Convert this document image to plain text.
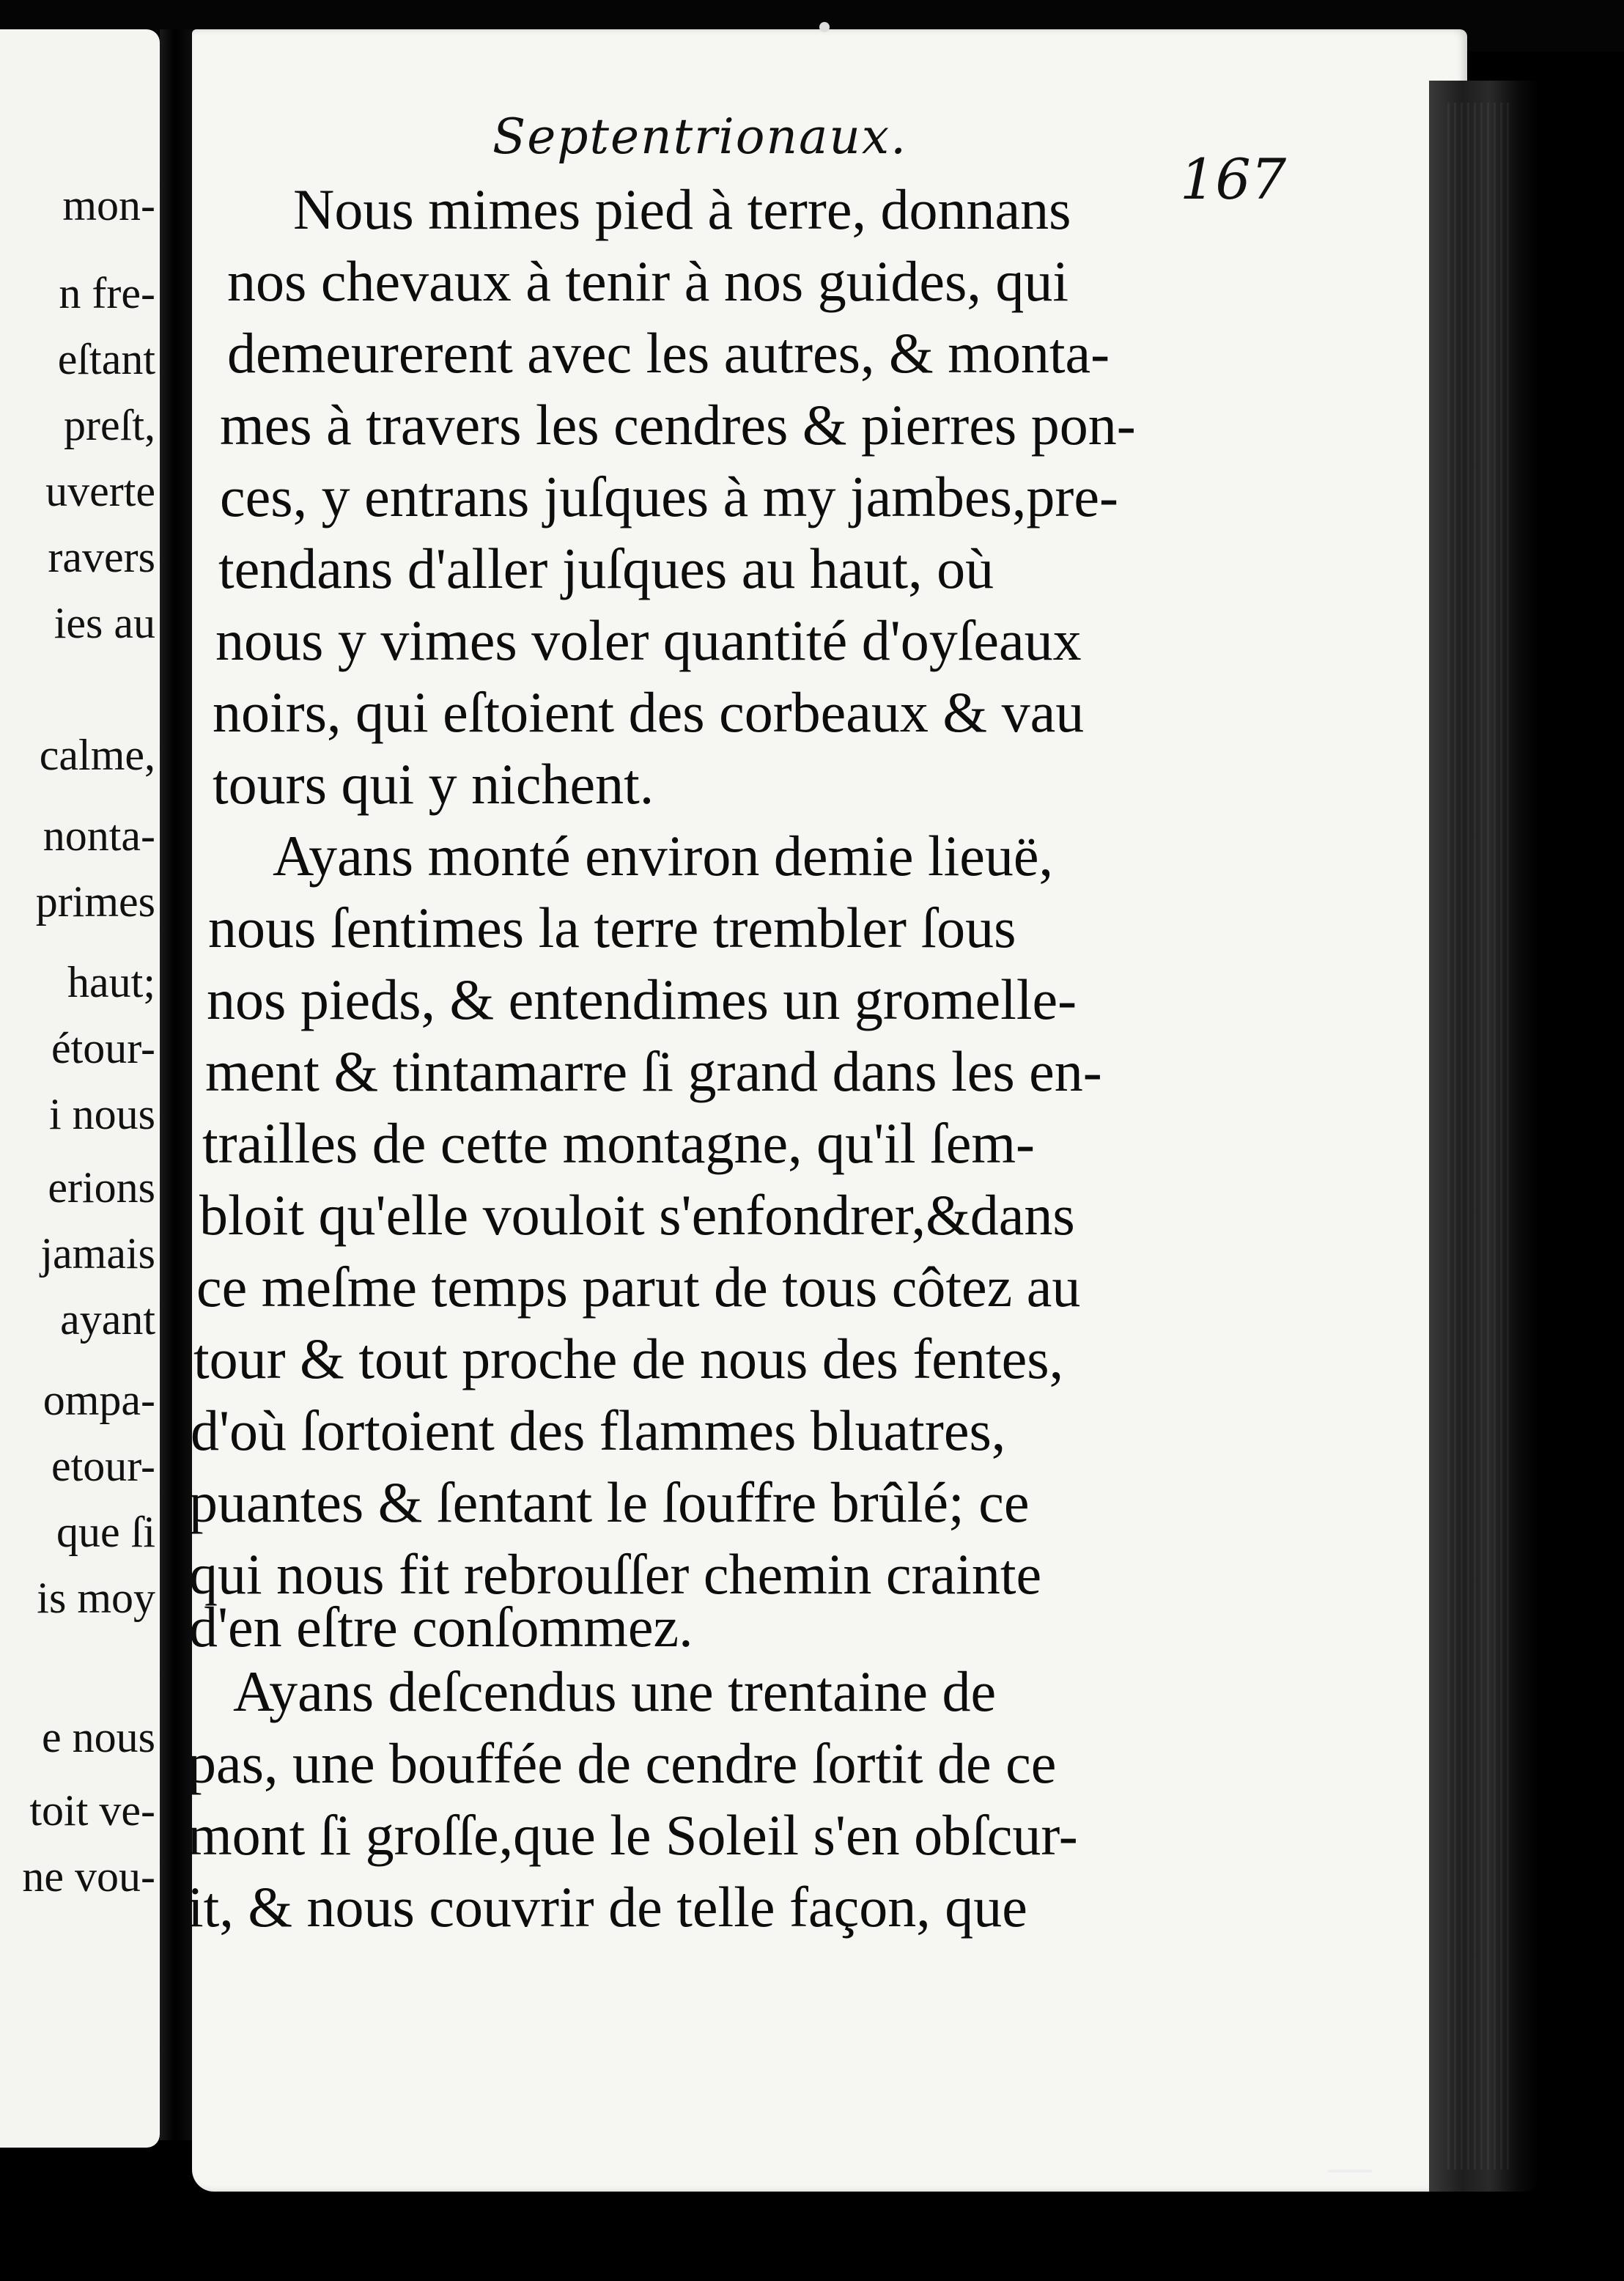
mon-
n fre-
eſtant
preſt,
uverte
ravers
ies au
calme,
nonta-
primes
haut;
étour-
i nous
erions
jamais
ayant
ompa-
etour-
que ſi
is moy
e nous
toit ve-
ne vou-
Septentrionaux.
167
Nous mimes pied à terre, donnans
nos chevaux à tenir à nos guides, qui
demeurerent avec les autres, & monta-
mes à travers les cendres & pierres pon-
ces, y entrans juſques à my jambes,pre-
tendans d'aller juſques au haut, où
nous y vimes voler quantité d'oyſeaux
noirs, qui eſtoient des corbeaux & vau
tours qui y nichent.
Ayans monté environ demie lieuë,
nous ſentimes la terre trembler ſous
nos pieds, & entendimes un gromelle-
ment & tintamarre ſi grand dans les en-
trailles de cette montagne, qu'il ſem-
bloit qu'elle vouloit s'enfondrer,&dans
ce meſme temps parut de tous côtez au
tour & tout proche de nous des fentes,
d'où ſortoient des flammes bluatres,
puantes & ſentant le ſouffre brûlé; ce
qui nous fit rebrouſſer chemin crainte
d'en eſtre conſommez.
Ayans deſcendus une trentaine de
pas, une bouffée de cendre ſortit de ce
mont ſi groſſe,que le Soleil s'en obſcur-
it, & nous couvrir de telle façon, que
